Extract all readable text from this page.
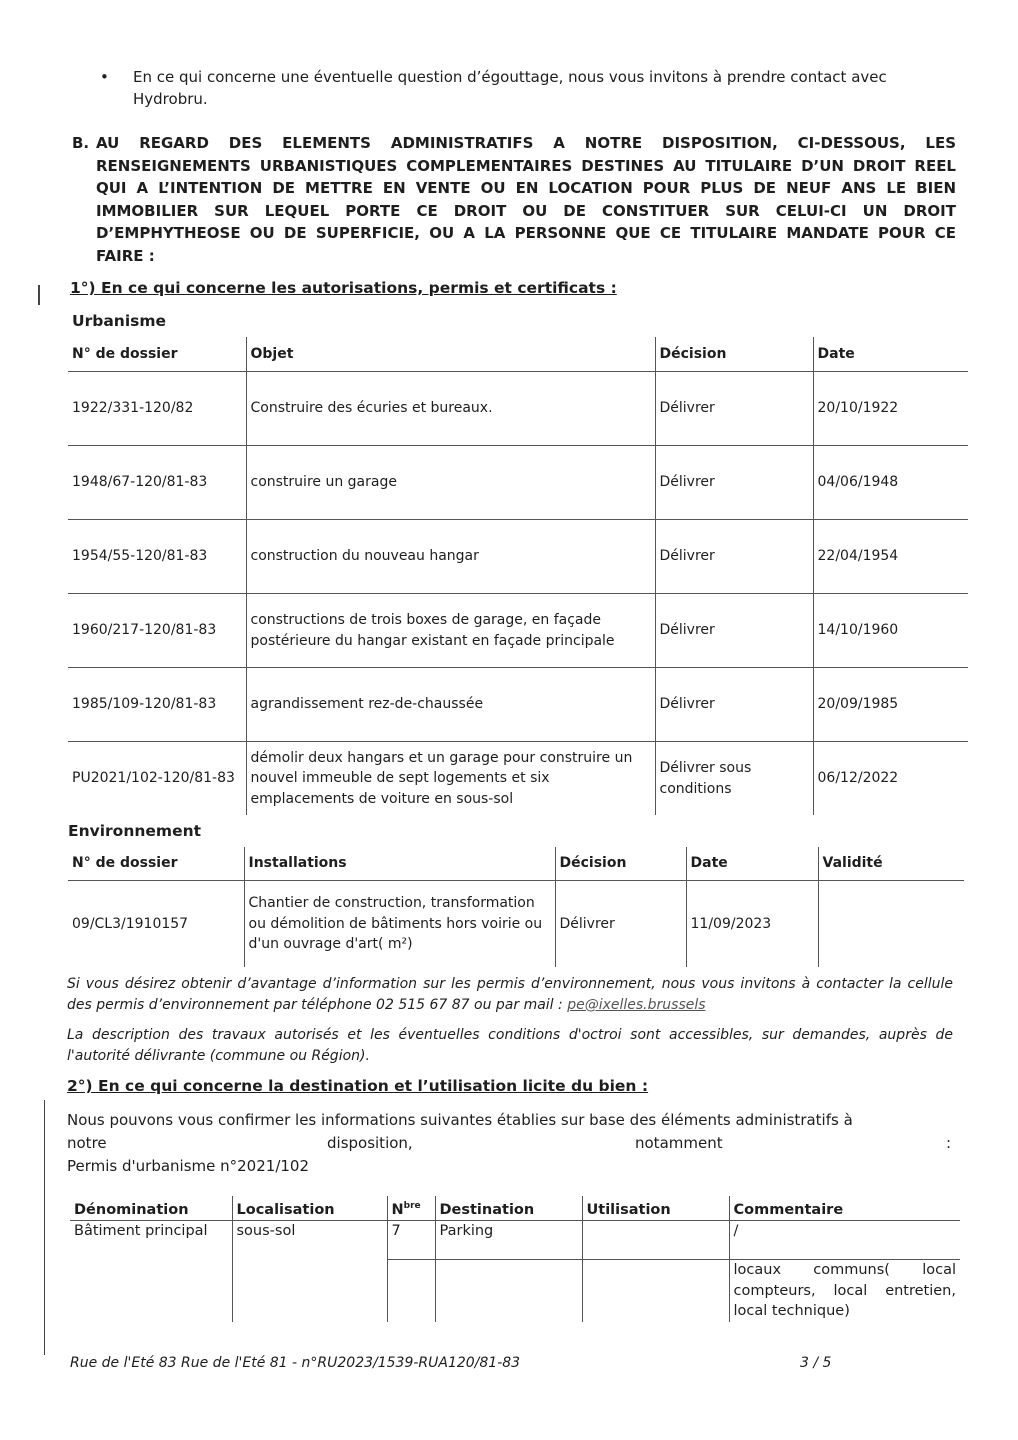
• En ce qui concerne une éventuelle question d’égouttage, nous vous invitons à prendre contact avec Hydrobru.
B. AU REGARD DES ELEMENTS ADMINISTRATIFS A NOTRE DISPOSITION, CI-DESSOUS, LES RENSEIGNEMENTS URBANISTIQUES COMPLEMENTAIRES DESTINES AU TITULAIRE D’UN DROIT REEL QUI A L’INTENTION DE METTRE EN VENTE OU EN LOCATION POUR PLUS DE NEUF ANS LE BIEN IMMOBILIER SUR LEQUEL PORTE CE DROIT OU DE CONSTITUER SUR CELUI-CI UN DROIT D’EMPHYTHEOSE OU DE SUPERFICIE, OU A LA PERSONNE QUE CE TITULAIRE MANDATE POUR CE FAIRE :
1°) En ce qui concerne les autorisations, permis et certificats :
Urbanisme
N° de dossier	Objet	Décision	Date
1922/331-120/82	Construire des écuries et bureaux.	Délivrer	20/10/1922
1948/67-120/81-83	construire un garage	Délivrer	04/06/1948
1954/55-120/81-83	construction du nouveau hangar	Délivrer	22/04/1954
1960/217-120/81-83	constructions de trois boxes de garage, en façade postérieure du hangar existant en façade principale	Délivrer	14/10/1960
1985/109-120/81-83	agrandissement rez-de-chaussée	Délivrer	20/09/1985
PU2021/102-120/81-83	démolir deux hangars et un garage pour construire un nouvel immeuble de sept logements et six emplacements de voiture en sous-sol	Délivrer sous conditions	06/12/2022
Environnement
N° de dossier	Installations	Décision	Date	Validité
09/CL3/1910157	Chantier de construction, transformation ou démolition de bâtiments hors voirie ou d'un ouvrage d'art( m²)	Délivrer	11/09/2023	
Si vous désirez obtenir d’avantage d’information sur les permis d’environnement, nous vous invitons à contacter la cellule des permis d’environnement par téléphone 02 515 67 87 ou par mail : pe@ixelles.brussels
La description des travaux autorisés et les éventuelles conditions d'octroi sont accessibles, sur demandes, auprès de l'autorité délivrante (commune ou Région).
2°) En ce qui concerne la destination et l’utilisation licite du bien :
Nous pouvons vous confirmer les informations suivantes établies sur base des éléments administratifs à
notre	disposition,	notamment	:
Permis d'urbanisme n°2021/102
Dénomination	Localisation	$N^{bre}$	Destination	Utilisation	Commentaire
Bâtiment principal	sous-sol	7	Parking		/
					locaux communs( local compteurs, local entretien, local technique)
Rue de l'Eté 83 Rue de l'Eté 81 - n°RU2023/1539-RUA120/81-83	3 / 5
